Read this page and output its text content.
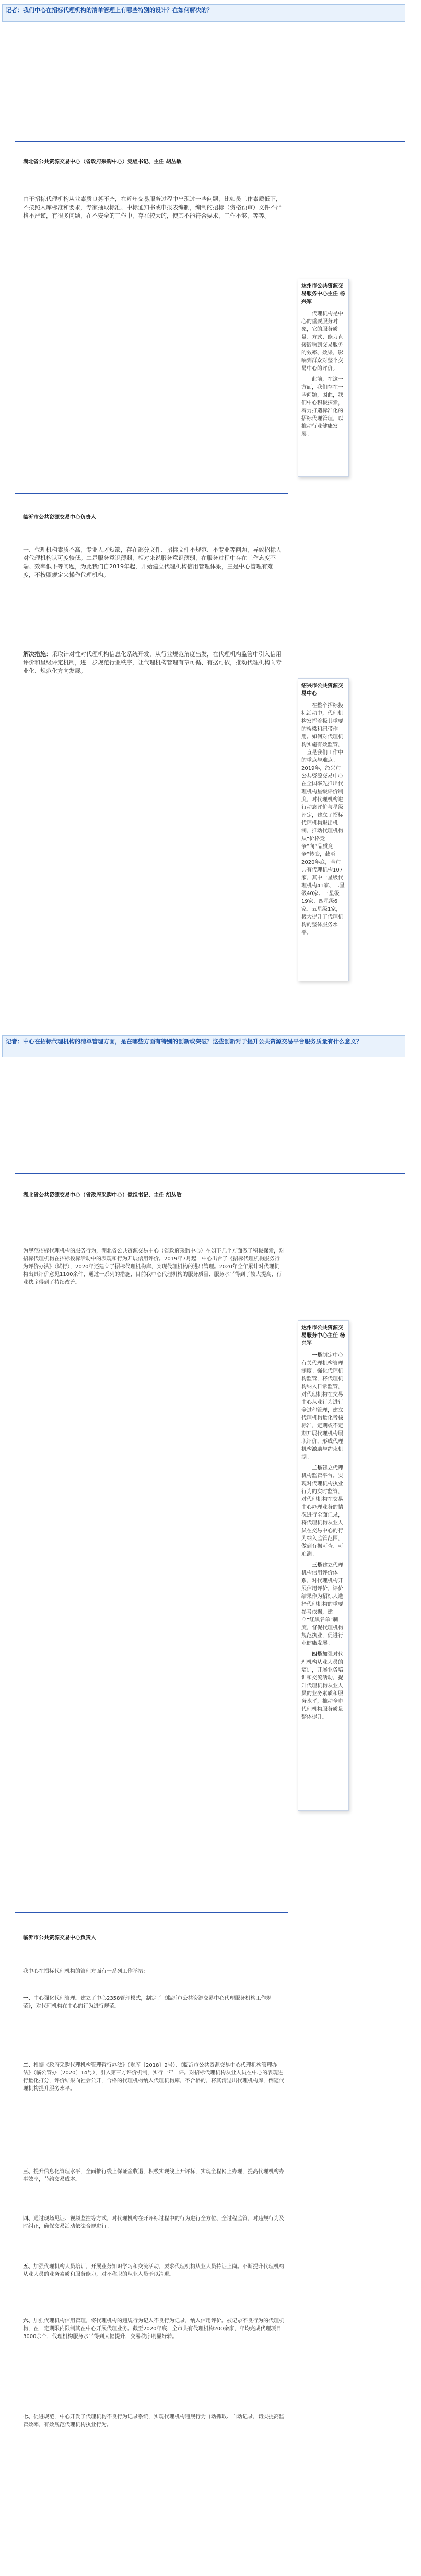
记者：我们中心在招标代理机构的清单管理上有哪些特别的设计？在如何解决的？
湖北省公共资源交易中心（省政府采购中心）党组书记、主任 胡丛敏
由于招标代理机构从业素质良莠不齐，在近年交易服务过程中出现过一些问题，比如员工作素质低下，不按照入库标准和要求，专家抽取标准、中标通知书或申报表编制，编制的招标（资格预审）文件不严格不严谨，有很多问题，在不安全的工作中，存在较大的，使其不能符合要求，工作不够，等等。
达州市公共资源交易服务中心主任 杨兴军

代理机构是中心的重要服务对象，它的服务质量、方式、能力直接影响到交易服务的效率、效果，影响到群众对整个交易中心的评价。

此前，在这一方面，我们存在一些问题，因此，我们中心积极探索，着力打造标准化的招标代理管理，以推动行业健康发展。

临沂市公共资源交易中心负责人
一、代理机构素质不高，专业人才短缺，存在部分文件、招标文件不规范、不专业等问题，导致招标人对代理机构认可度较低。二是服务意识薄弱，相对来说服务意识薄弱，在服务过程中存在工作态度不端、效率低下等问题，为此我们自2019年起，开始建立代理机构信用管理体系，三是中心管理有难度，不按照规定来操作代理机构。
解决措施：采取针对性对代理机构信息化系统开发，从行业规范角度出发，在代理机构监管中引入信用评价和星级评定机制，进一步规范行业秩序，让代理机构管理有章可循、有据可依，推动代理机构向专业化、规范化方向发展。
绍兴市公共资源交易中心

在整个招标投标活动中，代理机构发挥着极其重要的桥梁和纽带作用。如何对代理机构实施有效监管，一直是我们工作中的重点与难点。2019年，绍兴市公共资源交易中心在全国率先推出代理机构星级评价制度，对代理机构进行动态评价与星级评定，建立了招标代理机构退出机制，推动代理机构从“价格竞争”向“品质竞争”转变，截至2020年底，全市共有代理机构107家，其中一星级代理机构41家、二星级40家、三星级19家、四星级6家、五星级1家，极大提升了代理机构的整体服务水平。

记者：中心在招标代理机构的清单管理方面，是在哪些方面有特别的创新或突破？这些创新对于提升公共资源交易平台服务质量有什么意义？
湖北省公共资源交易中心（省政府采购中心）党组书记、主任 胡丛敏
为规范招标代理机构的服务行为，湖北省公共资源交易中心（省政府采购中心）在如下几个方面做了积极探索，对招标代理机构在招标投标活动中的表现和行为开展信用评价。2019年7月起，中心出台了《招标代理机构服务行为评价办法》（试行），2020年还建立了招标代理机构库，实现代理机构的进出管理。2020年全年累计对代理机构出具评价意见1100余件，通过一系列的措施，目前我中心代理机构的服务质量、服务水平得到了较大提高，行业秩序得到了持续改善。
达州市公共资源交易服务中心主任 杨兴军

一是制定中心有关代理机构管理制度。强化代理机构监管，将代理机构纳入日常监管，对代理机构在交易中心从业行为进行全过程管理，建立代理机构量化考核标准，定期或不定期开展代理机构履职评价，形成代理机构激励与约束机制。

二是建立代理机构监管平台。实现对代理机构执业行为的实时监管，对代理机构在交易中心办理业务的情况进行全面记录，将代理机构从业人员在交易中心的行为纳入监管范围，做到有据可查、可追溯。

三是建立代理机构信用评价体系，对代理机构开展信用评价，评价结果作为招标人选择代理机构的重要参考依据，建立“红黑名单”制度，督促代理机构规范执业，促进行业健康发展。

四是加强对代理机构从业人员的培训，开展业务培训和交流活动，提升代理机构从业人员的业务素质和服务水平，推动全市代理机构服务质量整体提升。

临沂市公共资源交易中心负责人
我中心在招标代理机构的管理方面有一系列工作举措：
一、中心强化代理管理。建立了中心2358管理模式，制定了《临沂市公共资源交易中心代理服务机构工作规范》，对代理机构在中心的行为进行规范。
二、根据《政府采购代理机构管理暂行办法》（财库〔2018〕2号）、《临沂市公共资源交易中心代理机构管理办法》（临公管办〔2020〕14号），引入第三方评价机制，实行一年一评。对招标代理机构从业人员在中心的表现进行量化打分，评价结果向社会公开，合格的代理机构纳入代理机构库，不合格的，将其清退出代理机构库，倒逼代理机构提升服务水平。
三、提升信息化管理水平，全面推行线上保证金收退，积极实现线上开评标，实现全程网上办理，提高代理机构办事效率，节约交易成本。
四、通过现场见证、视频监控等方式，对代理机构在开评标过程中的行为进行全方位、全过程监管，对违规行为及时纠正，确保交易活动依法合规进行。
五、加强代理机构人员培训，开展业务知识学习和交流活动，要求代理机构从业人员持证上岗。不断提升代理机构从业人员的业务素质和服务能力，对不称职的从业人员予以清退。
六、加强代理机构信用管理，将代理机构的违规行为记入不良行为记录，纳入信用评价。被记录不良行为的代理机构，在一定期限内限制其在中心开展代理业务。截至2020年底，全市共有代理机构200余家，年均完成代理项目3000余个，代理机构服务水平得到大幅提升，交易秩序明显好转。
七、促进规范，中心开发了代理机构不良行为记录系统，实现代理机构违规行为自动抓取、自动记录，切实提高监管效率，有效规范代理机构执业行为。
